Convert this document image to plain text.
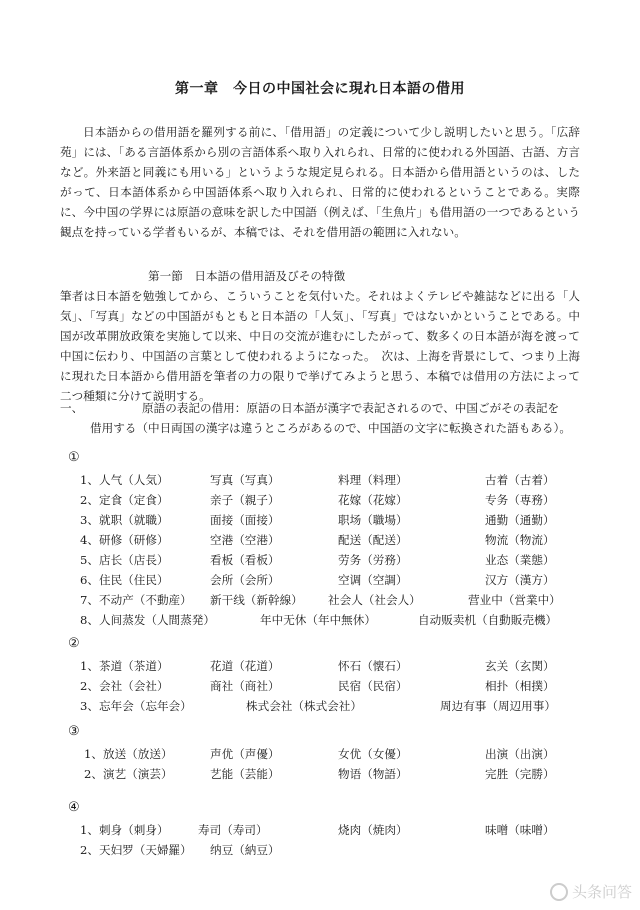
第一章　今日の中国社会に現れ日本語の借用
日本語からの借用語を羅列する前に、「借用語」の定義について少し説明したいと思う。「広辞苑」には、「ある言語体系から別の言語体系へ取り入れられ、日常的に使われる外国語、古語、方言など。外来語と同義にも用いる」というような規定見られる。日本語から借用語というのは、したがって、日本語体系から中国語体系へ取り入れられ、日常的に使われるということである。実際に、今中国の学界には原語の意味を訳した中国語（例えば、「生魚片」も借用語の一つであるという観点を持っている学者もいるが、本稿では、それを借用語の範囲に入れない。
第一節　日本語の借用語及びその特徴
筆者は日本語を勉強してから、こういうことを気付いた。それはよくテレビや雑誌などに出る「人気」、「写真」などの中国語がもともと日本語の「人気」、「写真」ではないかということである。中国が改革開放政策を実施して以来、中日の交流が進むにしたがって、数多くの日本語が海を渡って中国に伝わり、中国語の言葉として使われるようになった。　次は、上海を背景にして、つまり上海に現れた日本語から借用語を筆者の力の限りで挙げてみようと思う、本稿では借用の方法によって二つ種類に分けて説明する。
一、	原語の表記の借用：原語の日本語が漢字で表記されるので、中国ごがその表記を
借用する（中日両国の漢字は違うところがあるので、中国語の文字に転換された語もある）。
①
1、人气（人気）	写真（写真）	料理（料理）	古着（古着）
2、定食（定食）	亲子（親子）	花嫁（花嫁）	专务（専務）
3、就职（就職）	面接（面接）	职场（職場）	通勤（通勤）
4、研修（研修）	空港（空港）	配送（配送）	物流（物流）
5、店长（店長）	看板（看板）	劳务（労務）	业态（業態）
6、住民（住民）	会所（会所）	空调（空調）	汉方（漢方）
7、不动产（不動産） 新干线（新幹線） 社会人（社会人）	营业中（営業中）
8、人间蒸发（人間蒸発）	年中无休（年中無休）	自动贩卖机（自動販売機）
②
1、茶道（茶道）	花道（花道）	怀石（懐石）	玄关（玄関）
2、会社（会社）	商社（商社）	民宿（民宿）	相扑（相撲）
3、忘年会（忘年会）	株式会社（株式会社）	周边有事（周辺用事）
③
1、放送（放送）	声优（声優）	女优（女優）	出演（出演）
2、演艺（演芸）	艺能（芸能）	物语（物語）	完胜（完勝）
④
1、刺身（刺身）	寿司（寿司）	烧肉（焼肉）	味噌（味噌）
2、天妇罗（天婦羅） 纳豆（納豆）
头条问答
